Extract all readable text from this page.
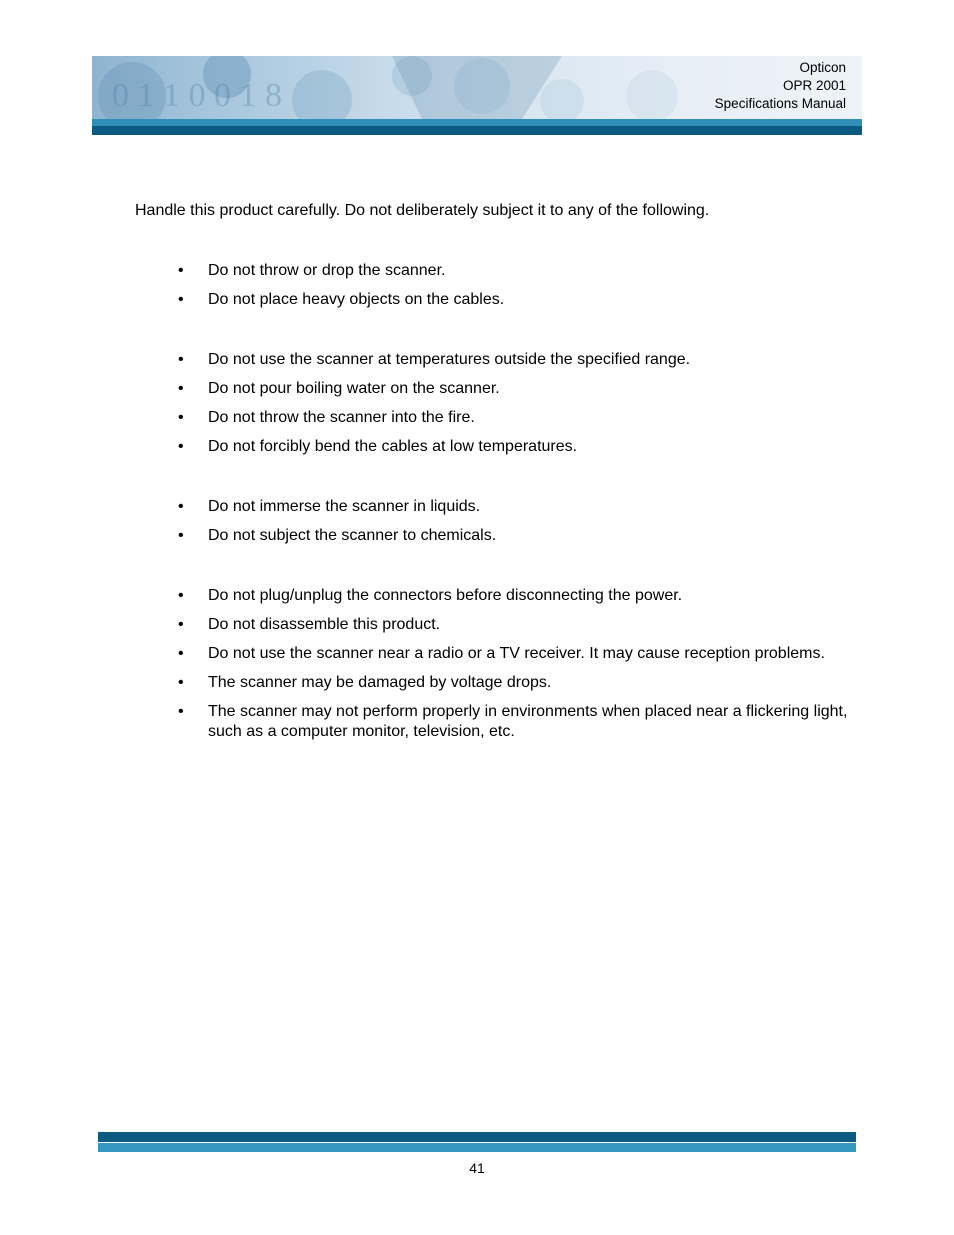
0 1 1 0 0 1 8
Opticon
OPR 2001
Specifications Manual
Handle this product carefully. Do not deliberately subject it to any of the following.
•	Do not throw or drop the scanner.
•	Do not place heavy objects on the cables.
•	Do not use the scanner at temperatures outside the specified range.
•	Do not pour boiling water on the scanner.
•	Do not throw the scanner into the fire.
•	Do not forcibly bend the cables at low temperatures.
•	Do not immerse the scanner in liquids.
•	Do not subject the scanner to chemicals.
•	Do not plug/unplug the connectors before disconnecting the power.
•	Do not disassemble this product.
•	Do not use the scanner near a radio or a TV receiver. It may cause reception problems.
•	The scanner may be damaged by voltage drops.
•	The scanner may not perform properly in environments when placed near a flickering light, such as a computer monitor, television, etc.
41
